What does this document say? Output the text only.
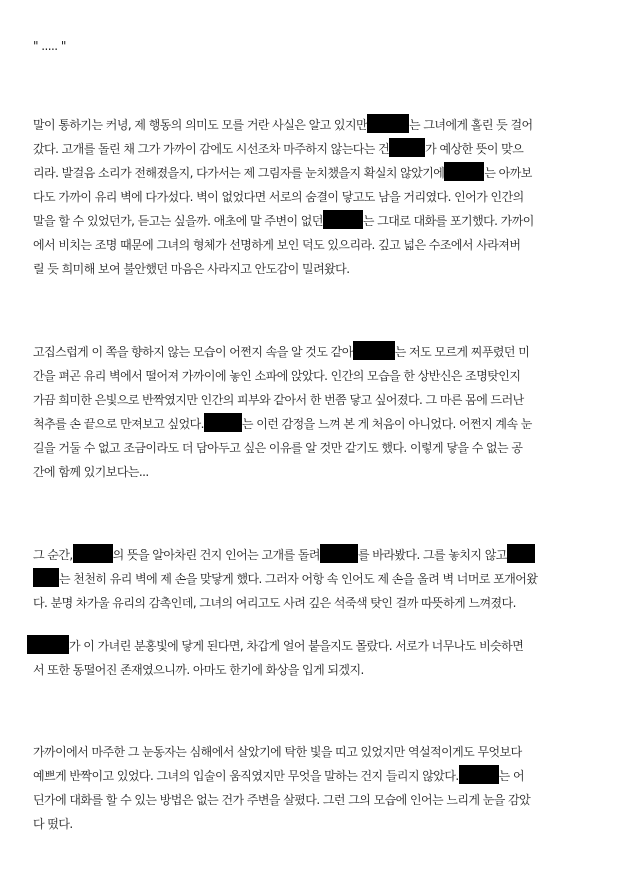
" ..... "
말이 통하기는 커녕, 제 행동의 의미도 모를 거란 사실은 알고 있지만	는 그녀에게 홀린 듯 걸어
갔다. 고개를 돌린 채 그가 가까이 감에도 시선조차 마주하지 않는다는 건	가 예상한 뜻이 맞으
리라. 발걸음 소리가 전해졌을지, 다가서는 제 그림자를 눈치챘을지 확실치 않았기에	는 아까보
다도 가까이 유리 벽에 다가섰다. 벽이 없었다면 서로의 숨결이 닿고도 남을 거리였다. 인어가 인간의
말을 할 수 있었던가, 듣고는 싶을까. 애초에 말 주변이 없던	는 그대로 대화를 포기했다. 가까이
에서 비치는 조명 때문에 그녀의 형체가 선명하게 보인 덕도 있으리라. 깊고 넓은 수조에서 사라져버
릴 듯 희미해 보여 불안했던 마음은 사라지고 안도감이 밀려왔다.
고집스럽게 이 쪽을 향하지 않는 모습이 어쩐지 속을 알 것도 같아	는 저도 모르게 찌푸렸던 미
간을 펴곤 유리 벽에서 떨어져 가까이에 놓인 소파에 앉았다. 인간의 모습을 한 상반신은 조명탓인지
가끔 희미한 은빛으로 반짝였지만 인간의 피부와 같아서 한 번쯤 닿고 싶어졌다. 그 마른 몸에 드러난
척추를 손 끝으로 만져보고 싶었다.	는 이런 감정을 느껴 본 게 처음이 아니었다. 어쩐지 계속 눈
길을 거둘 수 없고 조금이라도 더 담아두고 싶은 이유를 알 것만 같기도 했다. 이렇게 닿을 수 없는 공
간에 함께 있기보다는...
그 순간,	의 뜻을 알아차린 건지 인어는 고개를 돌려	를 바라봤다. 그를 놓치지 않고
는 천천히 유리 벽에 제 손을 맞닿게 했다. 그러자 어항 속 인어도 제 손을 올려 벽 너머로 포개어왔
다. 분명 차가울 유리의 감촉인데, 그녀의 여리고도 사려 깊은 석죽색 탓인 걸까 따뜻하게 느껴졌다.
가 이 가녀린 분홍빛에 닿게 된다면, 차갑게 얼어 붙을지도 몰랐다. 서로가 너무나도 비슷하면
서 또한 동떨어진 존재였으니까. 아마도 한기에 화상을 입게 되겠지.
가까이에서 마주한 그 눈동자는 심해에서 살았기에 탁한 빛을 띠고 있었지만 역설적이게도 무엇보다
예쁘게 반짝이고 있었다. 그녀의 입술이 움직였지만 무엇을 말하는 건지 들리지 않았다.	는 어
딘가에 대화를 할 수 있는 방법은 없는 건가 주변을 살폈다. 그런 그의 모습에 인어는 느리게 눈을 감았
다 떴다.
